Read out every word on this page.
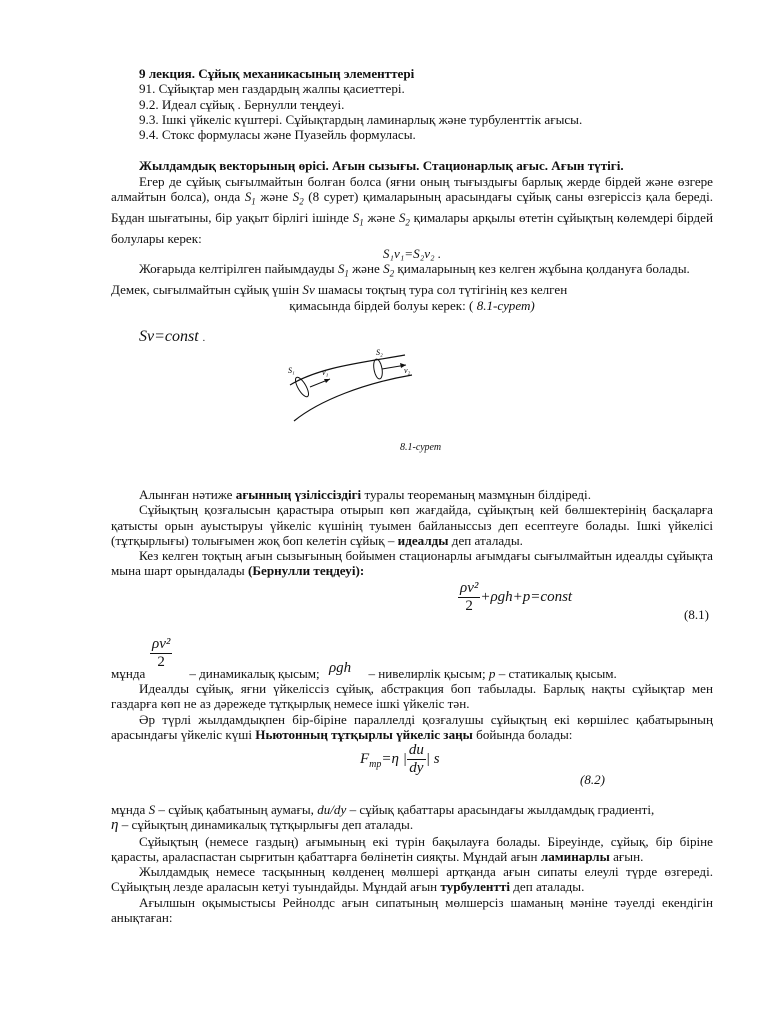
9 лекция. Сұйық механикасының элементтері

91. Сұйықтар мен газдардың жалпы қасиеттері.

9.2. Идеал сұйық . Бернулли теңдеуі.

9.3. Ішкі үйкеліс күштері. Сұйықтардың ламинарлық және турбуленттік ағысы.

9.4. Стокс формуласы және Пуазейль формуласы.

Жылдамдық векторының өрісі. Ағын сызығы. Стационарлық ағыс. Ағын түтігі.

Егер де сұйық сығылмайтын болған болса (яғни оның тығыздығы барлық жерде бірдей және өзгере алмайтын болса), онда $S_1$ және $S_2$ (8 сурет) қималарының арасындағы сұйық саны өзгеріссіз қала береді. Бұдан шығатыны, бір уақыт бірлігі ішінде $S_1$ және $S_2$ қималары арқылы өтетін сұйықтың көлемдері бірдей болулары керек:

S₁v₁=S₂v₂ .

Жоғарыда келтірілген пайымдауды $S_1$ және $S_2$ қималарының кез келген жұбына қолдануға болады. Демек, сығылмайтын сұйық үшін Sv шамасы тоқтың тура сол түтігінің кез келген

қимасында бірдей болуы керек: ( 8.1-сурет)

Sv=const .
S₁	v₁
S₂
v₂
8.1-сурет

Алынған нәтиже ағынның үзіліссіздігі туралы теореманың мазмұнын білдіреді.

Сұйықтың қозғалысын қарастыра отырып көп жағдайда, сұйықтың кей бөлшектерінің басқаларға қатысты орын ауыстыруы үйкеліс күшінің туымен байланыссыз деп есептеуге болады. Ішкі үйкелісі (тұтқырлығы) толығымен жоқ боп келетін сұйық – идеалды деп аталады.

Кез келген тоқтың ағын сызығының бойымен стационарлы ағымдағы сығылмайтын идеалды сұйықта мына шарт орындалады (Бернулли теңдеуі):

$\frac{\text{ρv²}}{2}$ +ρgh+p=const
(8.1)
$\frac{\text{ρv²}}{2}$
мұнда	– динамикалық қысым; ρgh – нивелирлік қысым; p – статикалық қысым.

Идеалды сұйық, яғни үйкеліссіз сұйық, абстракция боп табылады. Барлық нақты сұйықтар мен газдарға көп не аз дәрежеде тұтқырлық немесе ішкі үйкеліс тән.

Әр түрлі жылдамдықпен бір-біріне параллелді қозғалушы сұйықтың екі көршілес қабатырының арасындағы үйкеліс күші Ньютонның тұтқырлы үйкеліс заңы бойында болады:

$F_{mp}=\eta$ | $\frac{du}{dy}$ | s
(8.2)

мұнда S – сұйық қабатының аумағы, du/dy – сұйық қабаттары арасындағы жылдамдық градиенті,

η – сұйықтың динамикалық тұтқырлығы деп аталады.

Сұйықтың (немесе газдың) ағымының екі түрін бақылауға болады. Біреуінде, сұйық, бір біріне қарасты, араласпастан сырғитын қабаттарға бөлінетін сияқты. Мұндай ағын ламинарлы ағын.

Жылдамдық немесе тасқынның көлденең мөлшері артқанда ағын сипаты елеулі түрде өзгереді. Сұйықтың лезде араласын кетуі туындайды. Мұндай ағын турбулентті деп аталады.

Ағылшын оқымыстысы Рейнолдс ағын сипатының мөлшерсіз шаманың мәніне тәуелді екендігін анықтаған:
